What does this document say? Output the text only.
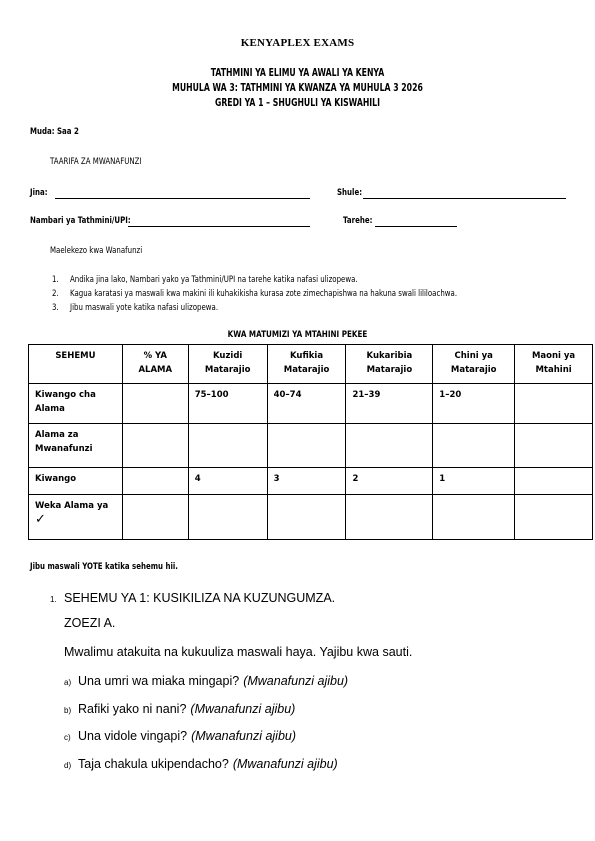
KENYAPLEX EXAMS
TATHMINI YA ELIMU YA AWALI YA KENYA
MUHULA WA 3: TATHMINI YA KWANZA YA MUHULA 3 2026
GREDI YA 1 – SHUGHULI YA KISWAHILI
Muda: Saa 2
TAARIFA ZA MWANAFUNZI
Jina:	Shule:
Nambari ya Tathmini/UPI:	Tarehe:
Maelekezo kwa Wanafunzi
1. Andika jina lako, Nambari yako ya Tathmini/UPI na tarehe katika nafasi ulizopewa.
2. Kagua karatasi ya maswali kwa makini ili kuhakikisha kurasa zote zimechapishwa na hakuna swali lililoachwa.
3. Jibu maswali yote katika nafasi ulizopewa.
KWA MATUMIZI YA MTAHINI PEKEE
SEHEMU	% YA ALAMA	Kuzidi Matarajio	Kufikia Matarajio	Kukaribia Matarajio	Chini ya Matarajio	Maoni ya Mtahini
Kiwango cha Alama		75–100	40–74	21–39	1–20	
Alama za Mwanafunzi						
Kiwango		4	3	2	1	
Weka Alama ya
✓						
Jibu maswali YOTE katika sehemu hii.
1. SEHEMU YA 1: KUSIKILIZA NA KUZUNGUMZA.
ZOEZI A.
Mwalimu atakuita na kukuuliza maswali haya. Yajibu kwa sauti.
a) Una umri wa miaka mingapi? (Mwanafunzi ajibu)
b) Rafiki yako ni nani? (Mwanafunzi ajibu)
c) Una vidole vingapi? (Mwanafunzi ajibu)
d) Taja chakula ukipendacho? (Mwanafunzi ajibu)
